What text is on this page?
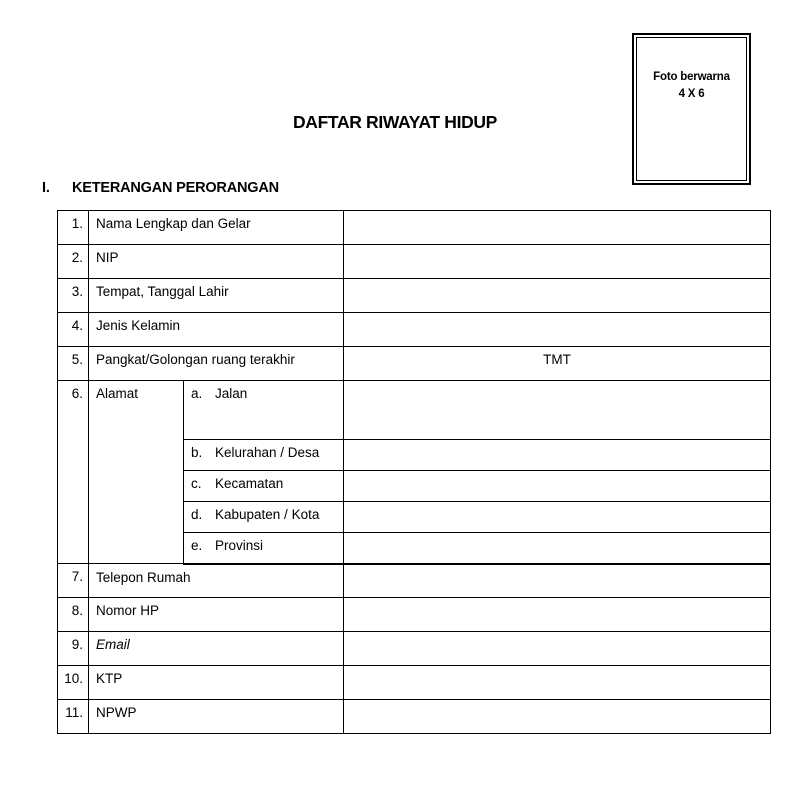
Foto berwarna
4 X 6
DAFTAR RIWAYAT HIDUP
I. KETERANGAN PERORANGAN
1.	Nama Lengkap dan Gelar		
2.	NIP		
3.	Tempat, Tanggal Lahir		
4.	Jenis Kelamin		
5.	Pangkat/Golongan ruang terakhir		TMT
6.	Alamat	a. Jalan	
		b. Kelurahan / Desa	
		c. Kecamatan	
		d. Kabupaten / Kota	
		e. Provinsi	
7.	Telepon Rumah		
8.	Nomor HP		
9.	Email		
10.	KTP		
11.	NPWP		
